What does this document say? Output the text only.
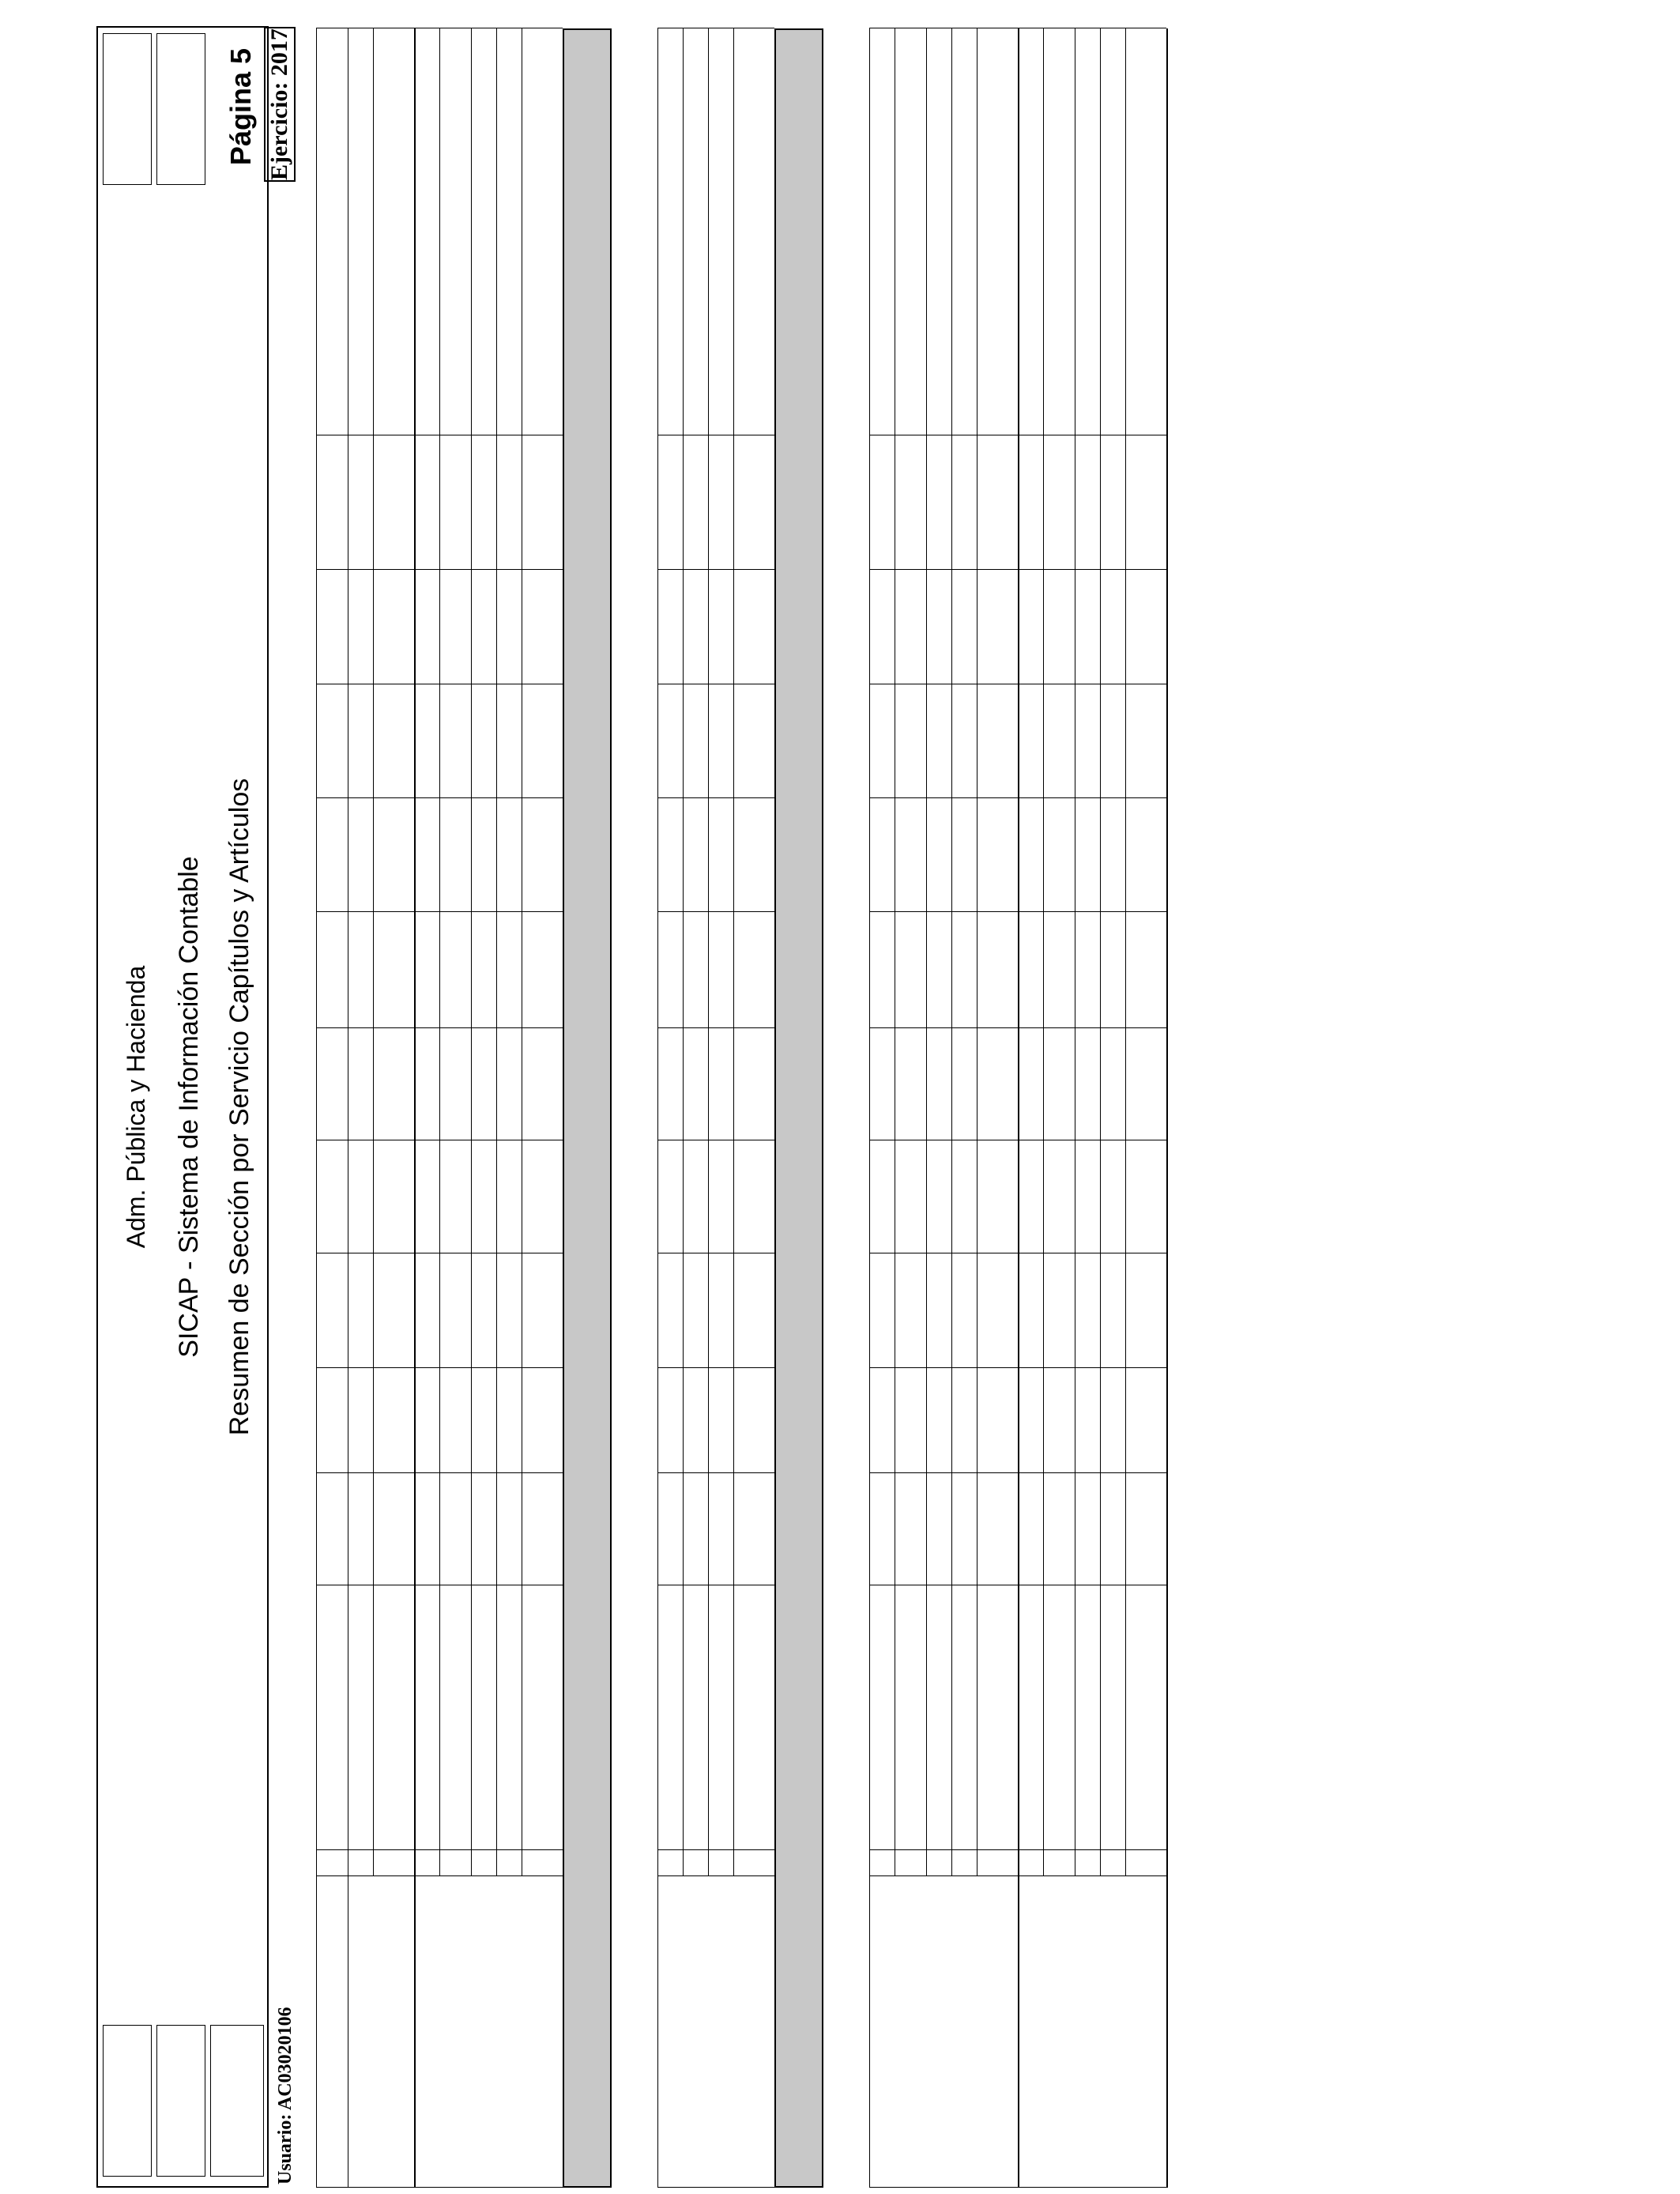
Adm. Pública y Hacienda SICAP - Sistema de Información Contable Resumen de Sección por Servicio Capítulos y Artículos
Página 5
Usuario: AC03020106
Ejercicio: 2017
